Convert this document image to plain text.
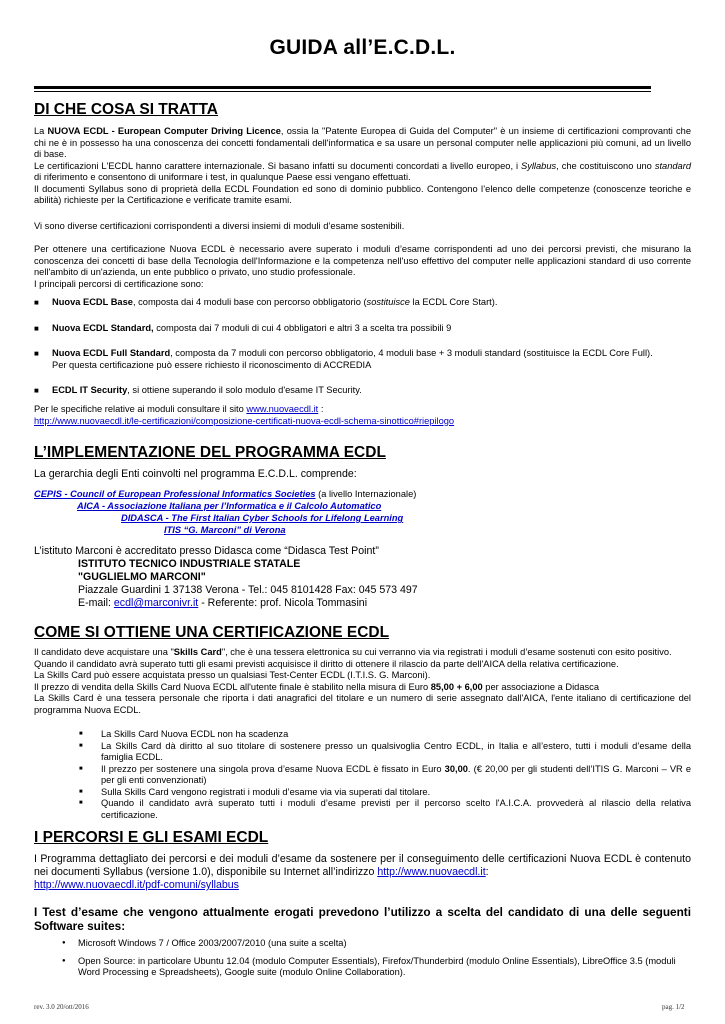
GUIDA all’E.C.D.L.
DI CHE COSA SI TRATTA

La NUOVA ECDL - European Computer Driving Licence, ossia la "Patente Europea di Guida del Computer" è un insieme di certificazioni comprovanti che chi ne è in possesso ha una conoscenza dei concetti fondamentali dell'informatica e sa usare un personal computer nelle applicazioni più comuni, ad un livello di base.
Le certificazioni L'ECDL hanno carattere internazionale. Si basano infatti su documenti concordati a livello europeo, i Syllabus, che costituiscono uno standard di riferimento e consentono di uniformare i test, in qualunque Paese essi vengano effettuati.
Il documenti Syllabus sono di proprietà della ECDL Foundation ed sono di dominio pubblico. Contengono l’elenco delle competenze (conoscenze teoriche e abilità) richieste per la Certificazione e verificate tramite esami.

Vi sono diverse certificazioni corrispondenti a diversi insiemi di moduli d’esame sostenibili.

Per ottenere una certificazione Nuova ECDL è necessario avere superato i moduli d’esame corrispondenti ad uno dei percorsi previsti, che misurano la conoscenza dei concetti di base della Tecnologia dell'Informazione e la competenza nell'uso effettivo del computer nelle applicazioni standard di uso corrente nell'ambito di un'azienda, un ente pubblico o privato, uno studio professionale.
I principali percorsi di certificazione sono:

■ Nuova ECDL Base, composta dai 4 moduli base con percorso obbligatorio (sostituisce la ECDL Core Start).
■ Nuova ECDL Standard, composta dai 7 moduli di cui 4 obbligatori e altri 3 a scelta tra possibili 9
■ Nuova ECDL Full Standard, composta da 7 moduli con percorso obbligatorio, 4 moduli base + 3 moduli standard (sostituisce la ECDL Core Full).
Per questa certificazione può essere richiesto il riconoscimento di ACCREDIA
■ ECDL IT Security, si ottiene superando il solo modulo d'esame IT Security.

Per le specifiche relative ai moduli consultare il sito www.nuovaecdl.it :
http://www.nuovaecdl.it/le-certificazioni/composizione-certificati-nuova-ecdl-schema-sinottico#riepilogo

L’IMPLEMENTAZIONE DEL PROGRAMMA ECDL

La gerarchia degli Enti coinvolti nel programma E.C.D.L. comprende:

CEPIS - Council of European Professional Informatics Societies (a livello Internazionale)
AICA - Associazione Italiana per l’Informatica e il Calcolo Automatico
DIDASCA - The First Italian Cyber Schools for Lifelong Learning
ITIS “G. Marconi” di Verona

L’istituto Marconi è accreditato presso Didasca come “Didasca Test Point”

ISTITUTO TECNICO INDUSTRIALE STATALE
"GUGLIELMO MARCONI"
Piazzale Guardini 1 37138 Verona - Tel.: 045 8101428 Fax: 045 573 497
E-mail: ecdl@marconivr.it - Referente: prof. Nicola Tommasini
COME SI OTTIENE UNA CERTIFICAZIONE ECDL

Il candidato deve acquistare una "Skills Card", che è una tessera elettronica su cui verranno via via registrati i moduli d’esame sostenuti con esito positivo.
Quando il candidato avrà superato tutti gli esami previsti acquisisce il diritto di ottenere il rilascio da parte dell'AICA della relativa certificazione.
La Skills Card può essere acquistata presso un qualsiasi Test-Center ECDL (I.T.I.S. G. Marconi).
Il prezzo di vendita della Skills Card Nuova ECDL all'utente finale è stabilito nella misura di Euro 85,00 + 6,00 per associazione a Didasca
La Skills Card è una tessera personale che riporta i dati anagrafici del titolare e un numero di serie assegnato dall'AICA, l'ente italiano di certificazione del programma Nuova ECDL.

■ La Skills Card Nuova ECDL non ha scadenza
■ La Skills Card dà diritto al suo titolare di sostenere presso un qualsivoglia Centro ECDL, in Italia e all’estero, tutti i moduli d’esame della famiglia ECDL.
■ Il prezzo per sostenere una singola prova d’esame Nuova ECDL è fissato in Euro 30,00. (€ 20,00 per gli studenti dell’ITIS G. Marconi – VR e per gli enti convenzionati)
■ Sulla Skills Card vengono registrati i moduli d’esame via via superati dal titolare.
■ Quando il candidato avrà superato tutti i moduli d’esame previsti per il percorso scelto l'A.I.C.A. provvederà al rilascio della relativa certificazione.
I PERCORSI E GLI ESAMI ECDL

I Programma dettagliato dei percorsi e dei moduli d’esame da sostenere per il conseguimento delle certificazioni Nuova ECDL è contenuto nei documenti Syllabus (versione 1.0), disponibile su Internet all’indirizzo http://www.nuovaecdl.it:
http://www.nuovaecdl.it/pdf-comuni/syllabus

I Test d’esame che vengono attualmente erogati prevedono l’utilizzo a scelta del candidato di una delle seguenti Software suites:

● Microsoft Windows 7 / Office 2003/2007/2010 (una suite a scelta)
● Open Source: in particolare Ubuntu 12.04 (modulo Computer Essentials), Firefox/Thunderbird (modulo Online Essentials), LibreOffice 3.5 (moduli Word Processing e Spreadsheets), Google suite (modulo Online Collaboration).
rev. 3.0 20/ott/2016	pag. 1/2
